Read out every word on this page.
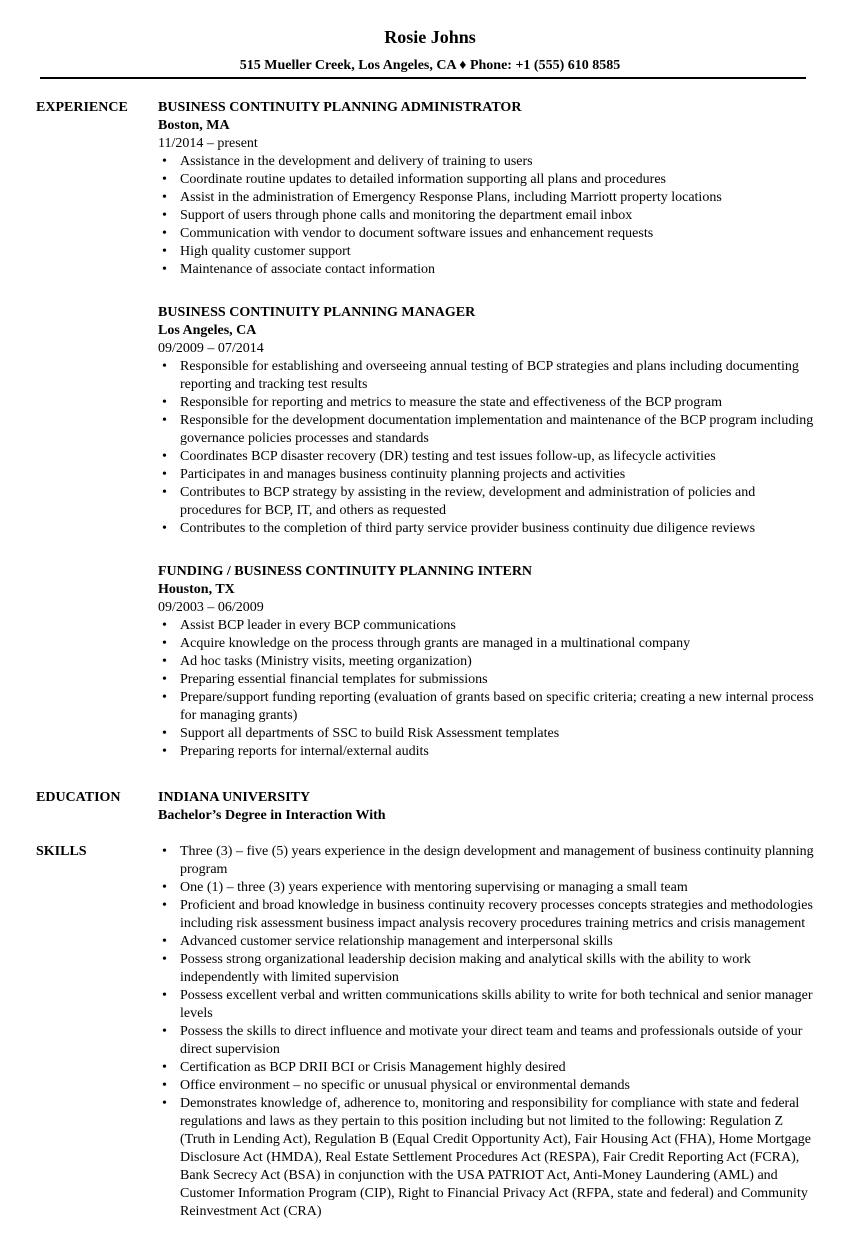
Rosie Johns
515 Mueller Creek, Los Angeles, CA ♦ Phone: +1 (555) 610 8585
EXPERIENCE	BUSINESS CONTINUITY PLANNING ADMINISTRATOR
Boston, MA
11/2014 – present
• Assistance in the development and delivery of training to users
• Coordinate routine updates to detailed information supporting all plans and procedures
• Assist in the administration of Emergency Response Plans, including Marriott property locations
• Support of users through phone calls and monitoring the department email inbox
• Communication with vendor to document software issues and enhancement requests
• High quality customer support
• Maintenance of associate contact information
BUSINESS CONTINUITY PLANNING MANAGER
Los Angeles, CA
09/2009 – 07/2014
• Responsible for establishing and overseeing annual testing of BCP strategies and plans including documenting reporting and tracking test results
• Responsible for reporting and metrics to measure the state and effectiveness of the BCP program
• Responsible for the development documentation implementation and maintenance of the BCP program including governance policies processes and standards
• Coordinates BCP disaster recovery (DR) testing and test issues follow-up, as lifecycle activities
• Participates in and manages business continuity planning projects and activities
• Contributes to BCP strategy by assisting in the review, development and administration of policies and procedures for BCP, IT, and others as requested
• Contributes to the completion of third party service provider business continuity due diligence reviews
FUNDING / BUSINESS CONTINUITY PLANNING INTERN
Houston, TX
09/2003 – 06/2009
• Assist BCP leader in every BCP communications
• Acquire knowledge on the process through grants are managed in a multinational company
• Ad hoc tasks (Ministry visits, meeting organization)
• Preparing essential financial templates for submissions
• Prepare/support funding reporting (evaluation of grants based on specific criteria; creating a new internal process for managing grants)
• Support all departments of SSC to build Risk Assessment templates
• Preparing reports for internal/external audits
EDUCATION	INDIANA UNIVERSITY
Bachelor’s Degree in Interaction With
SKILLS
•	Three (3) – five (5) years experience in the design development and management of business continuity planning program
• One (1) – three (3) years experience with mentoring supervising or managing a small team
• Proficient and broad knowledge in business continuity recovery processes concepts strategies and methodologies including risk assessment business impact analysis recovery procedures training metrics and crisis management
• Advanced customer service relationship management and interpersonal skills
• Possess strong organizational leadership decision making and analytical skills with the ability to work independently with limited supervision
• Possess excellent verbal and written communications skills ability to write for both technical and senior manager levels
• Possess the skills to direct influence and motivate your direct team and teams and professionals outside of your direct supervision
• Certification as BCP DRII BCI or Crisis Management highly desired
• Office environment – no specific or unusual physical or environmental demands
• Demonstrates knowledge of, adherence to, monitoring and responsibility for compliance with state and federal regulations and laws as they pertain to this position including but not limited to the following: Regulation Z (Truth in Lending Act), Regulation B (Equal Credit Opportunity Act), Fair Housing Act (FHA), Home Mortgage Disclosure Act (HMDA), Real Estate Settlement Procedures Act (RESPA), Fair Credit Reporting Act (FCRA), Bank Secrecy Act (BSA) in conjunction with the USA PATRIOT Act, Anti-Money Laundering (AML) and Customer Information Program (CIP), Right to Financial Privacy Act (RFPA, state and federal) and Community Reinvestment Act (CRA)
